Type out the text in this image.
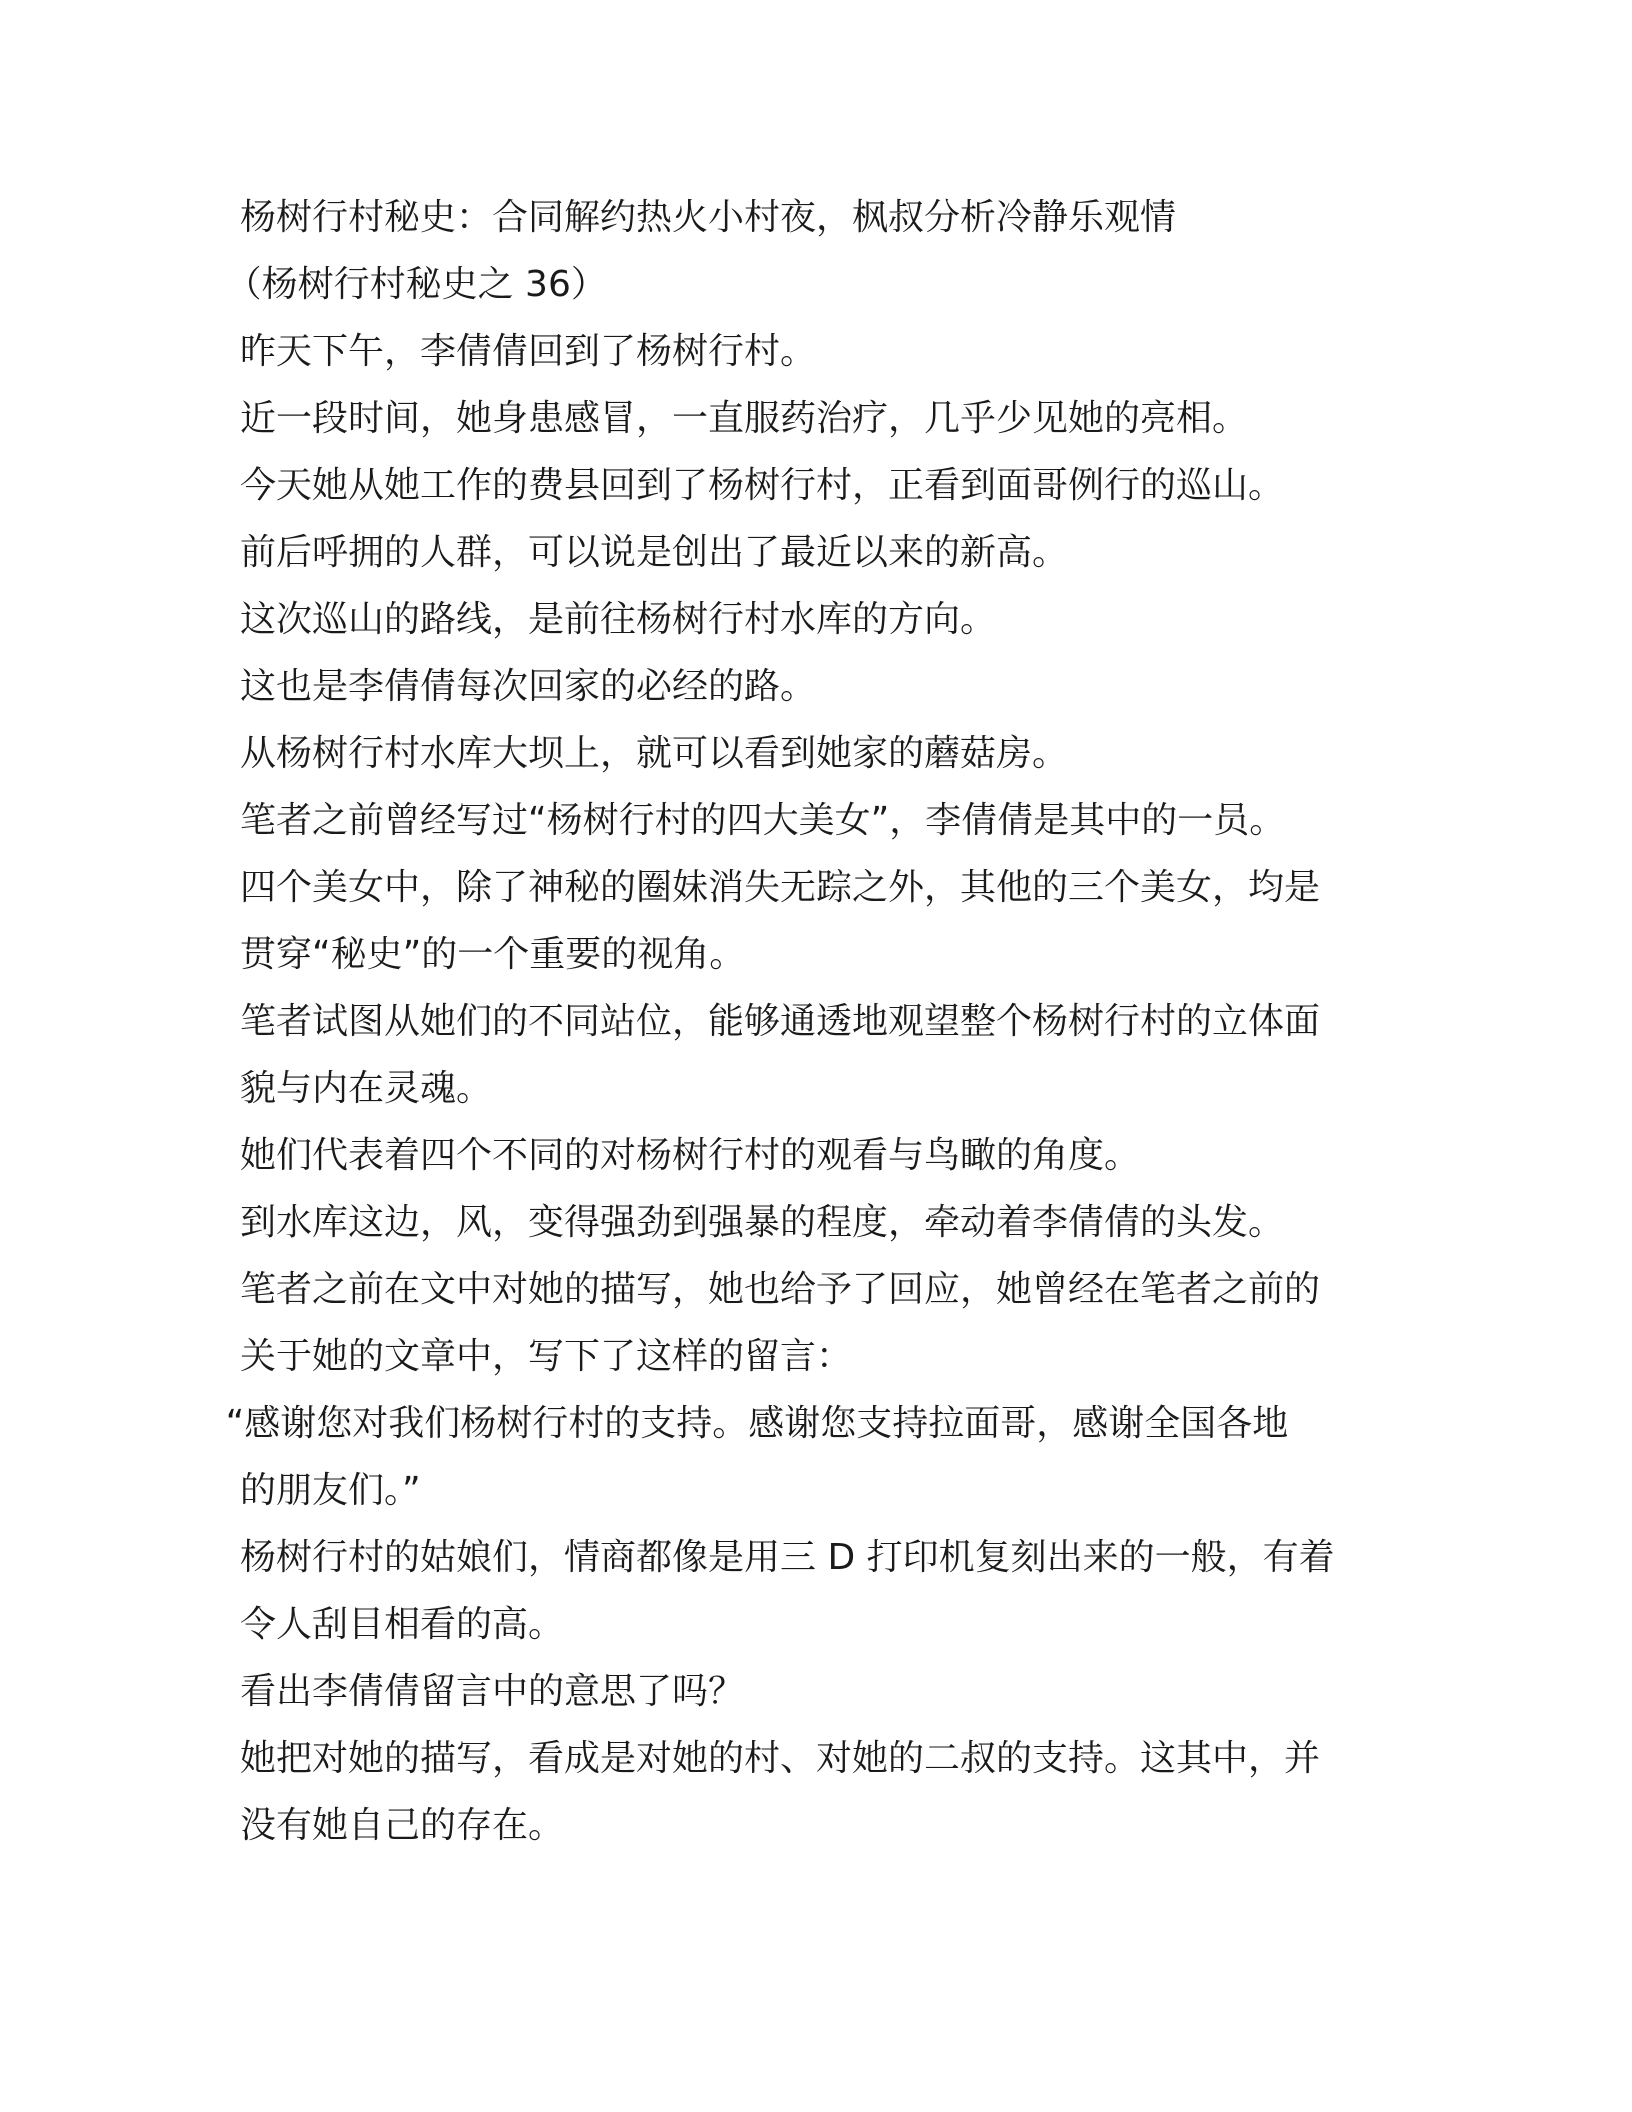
杨树行村秘史：合同解约热火小村夜，枫叔分析冷静乐观情

（杨树行村秘史之 36）

昨天下午，李倩倩回到了杨树行村。

近一段时间，她身患感冒，一直服药治疗，几乎少见她的亮相。

今天她从她工作的费县回到了杨树行村，正看到面哥例行的巡山。

前后呼拥的人群，可以说是创出了最近以来的新高。

这次巡山的路线，是前往杨树行村水库的方向。

这也是李倩倩每次回家的必经的路。

从杨树行村水库大坝上，就可以看到她家的蘑菇房。

笔者之前曾经写过“杨树行村的四大美女”，李倩倩是其中的一员。

四个美女中，除了神秘的圈妹消失无踪之外，其他的三个美女，均是

贯穿“秘史”的一个重要的视角。

笔者试图从她们的不同站位，能够通透地观望整个杨树行村的立体面

貌与内在灵魂。

她们代表着四个不同的对杨树行村的观看与鸟瞰的角度。

到水库这边，风，变得强劲到强暴的程度，牵动着李倩倩的头发。

笔者之前在文中对她的描写，她也给予了回应，她曾经在笔者之前的

关于她的文章中，写下了这样的留言：

“感谢您对我们杨树行村的支持。感谢您支持拉面哥，感谢全国各地

的朋友们。”

杨树行村的姑娘们，情商都像是用三 D 打印机复刻出来的一般，有着

令人刮目相看的高。

看出李倩倩留言中的意思了吗？

她把对她的描写，看成是对她的村、对她的二叔的支持。这其中，并

没有她自己的存在。
